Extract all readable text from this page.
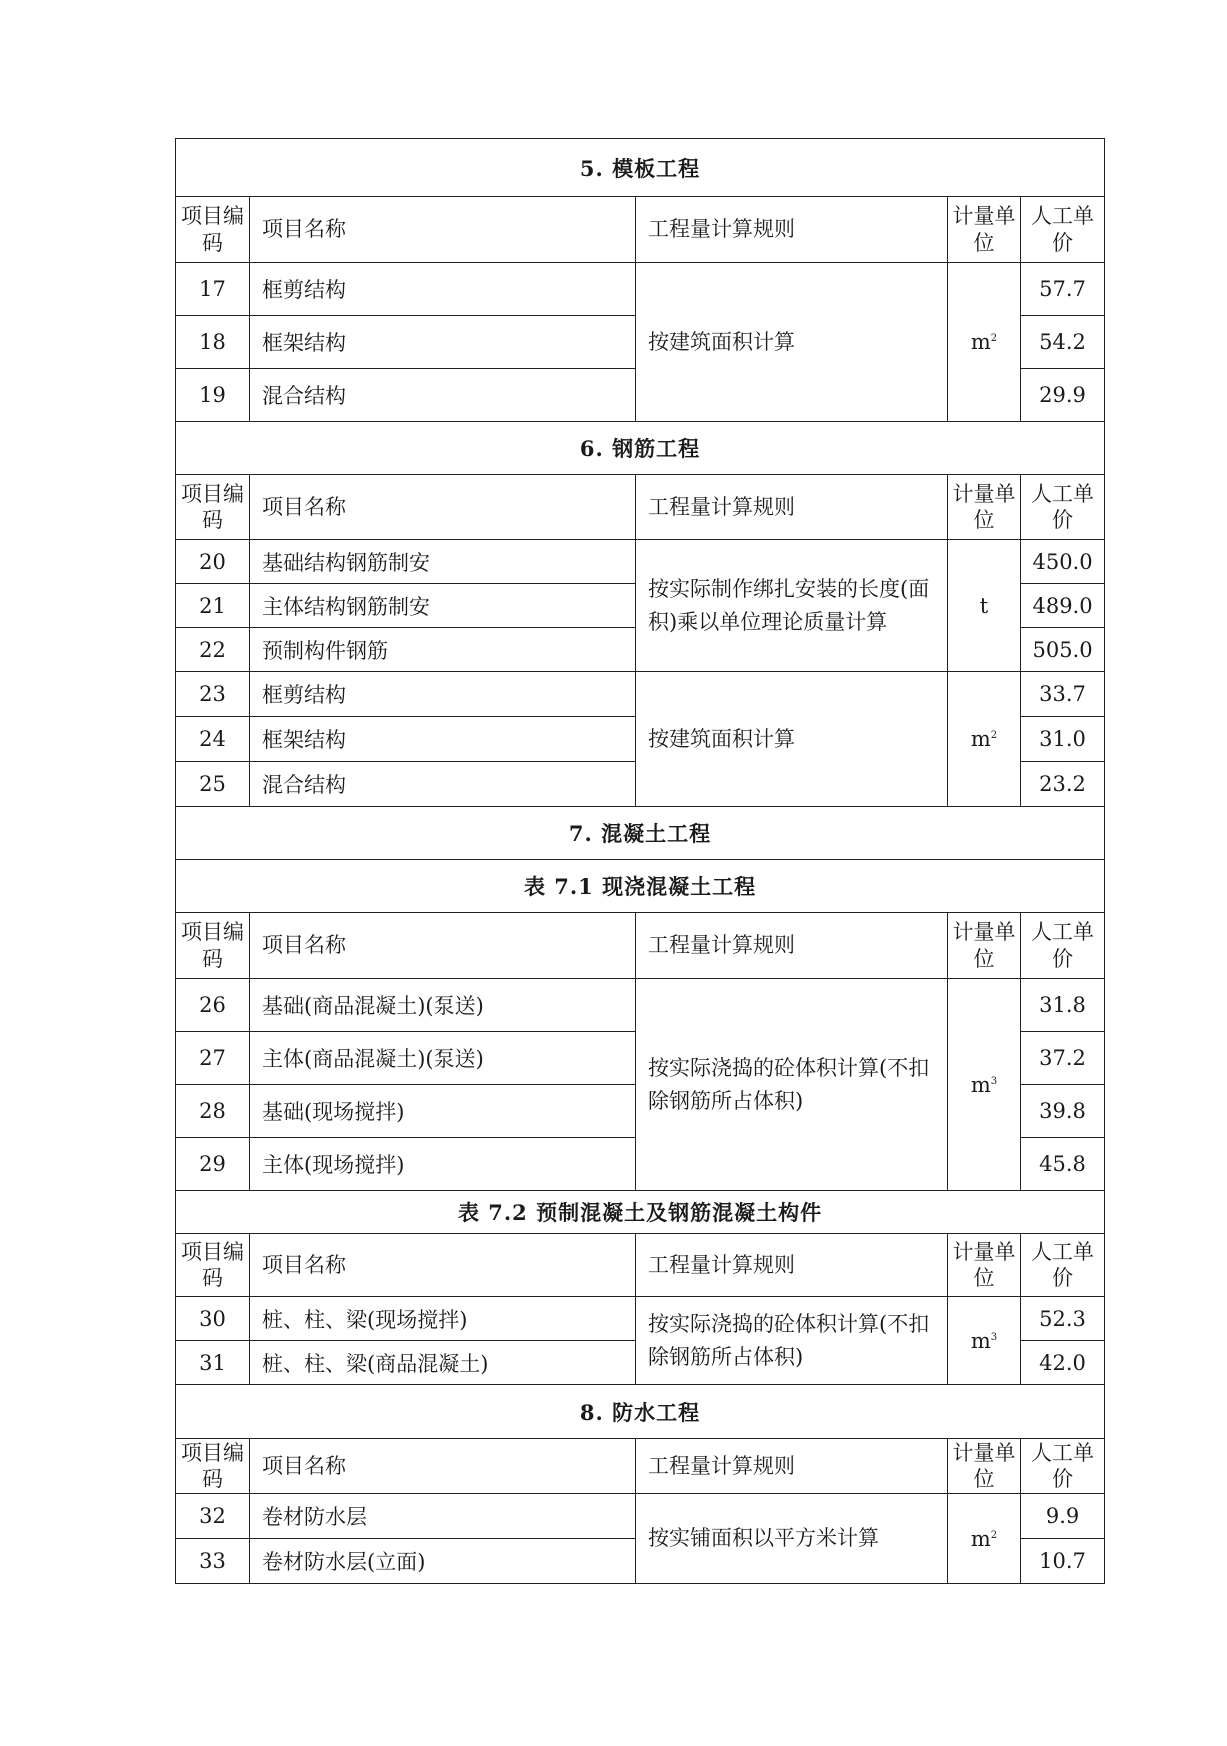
5. 模板工程				
项目编码	项目名称	工程量计算规则	计量单位	人工单价
17	框剪结构	按建筑面积计算	$m^2$	57.7
18	框架结构			54.2
19	混合结构			29.9
6. 钢筋工程				
项目编码	项目名称	工程量计算规则	计量单位	人工单价
20	基础结构钢筋制安	按实际制作绑扎安装的长度(面积)乘以单位理论质量计算	t	450.0
21	主体结构钢筋制安			489.0
22	预制构件钢筋			505.0
23	框剪结构	按建筑面积计算	$m^2$	33.7
24	框架结构			31.0
25	混合结构			23.2
7. 混凝土工程				
表 7.1 现浇混凝土工程				
项目编码	项目名称	工程量计算规则	计量单位	人工单价
26	基础(商品混凝土)(泵送)	按实际浇捣的砼体积计算(不扣除钢筋所占体积)	$m^3$	31.8
27	主体(商品混凝土)(泵送)			37.2
28	基础(现场搅拌)			39.8
29	主体(现场搅拌)			45.8
表 7.2 预制混凝土及钢筋混凝土构件				
项目编码	项目名称	工程量计算规则	计量单位	人工单价
30	桩、柱、梁(现场搅拌)	按实际浇捣的砼体积计算(不扣除钢筋所占体积)	$m^3$	52.3
31	桩、柱、梁(商品混凝土)			42.0
8. 防水工程				
项目编码	项目名称	工程量计算规则	计量单位	人工单价
32	卷材防水层	按实铺面积以平方米计算	$m^2$	9.9
33	卷材防水层(立面)			10.7
